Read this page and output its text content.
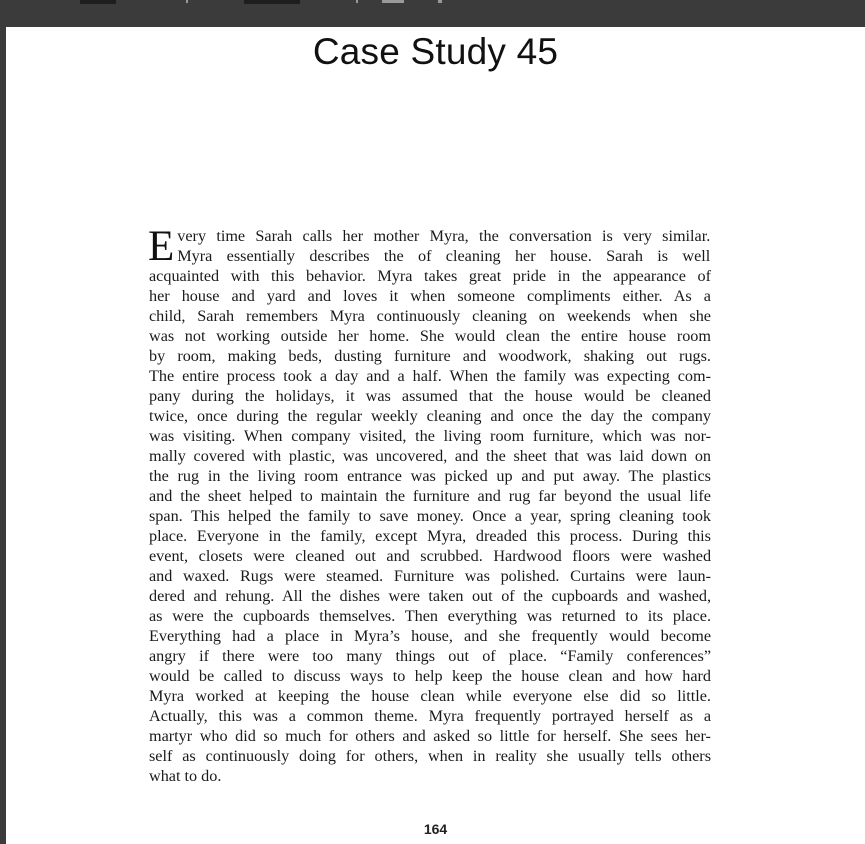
Case Study 45
E very time Sarah calls her mother Myra, the conversation is very similar.
Myra essentially describes the of cleaning her house. Sarah is well
acquainted with this behavior. Myra takes great pride in the appearance of
her house and yard and loves it when someone compliments either. As a
child, Sarah remembers Myra continuously cleaning on weekends when she
was not working outside her home. She would clean the entire house room
by room, making beds, dusting furniture and woodwork, shaking out rugs.
The entire process took a day and a half. When the family was expecting com-
pany during the holidays, it was assumed that the house would be cleaned
twice, once during the regular weekly cleaning and once the day the company
was visiting. When company visited, the living room furniture, which was nor-
mally covered with plastic, was uncovered, and the sheet that was laid down on
the rug in the living room entrance was picked up and put away. The plastics
and the sheet helped to maintain the furniture and rug far beyond the usual life
span. This helped the family to save money. Once a year, spring cleaning took
place. Everyone in the family, except Myra, dreaded this process. During this
event, closets were cleaned out and scrubbed. Hardwood floors were washed
and waxed. Rugs were steamed. Furniture was polished. Curtains were laun-
dered and rehung. All the dishes were taken out of the cupboards and washed,
as were the cupboards themselves. Then everything was returned to its place.
Everything had a place in Myra’s house, and she frequently would become
angry if there were too many things out of place. “Family conferences”
would be called to discuss ways to help keep the house clean and how hard
Myra worked at keeping the house clean while everyone else did so little.
Actually, this was a common theme. Myra frequently portrayed herself as a
martyr who did so much for others and asked so little for herself. She sees her-
self as continuously doing for others, when in reality she usually tells others
what to do.
164
